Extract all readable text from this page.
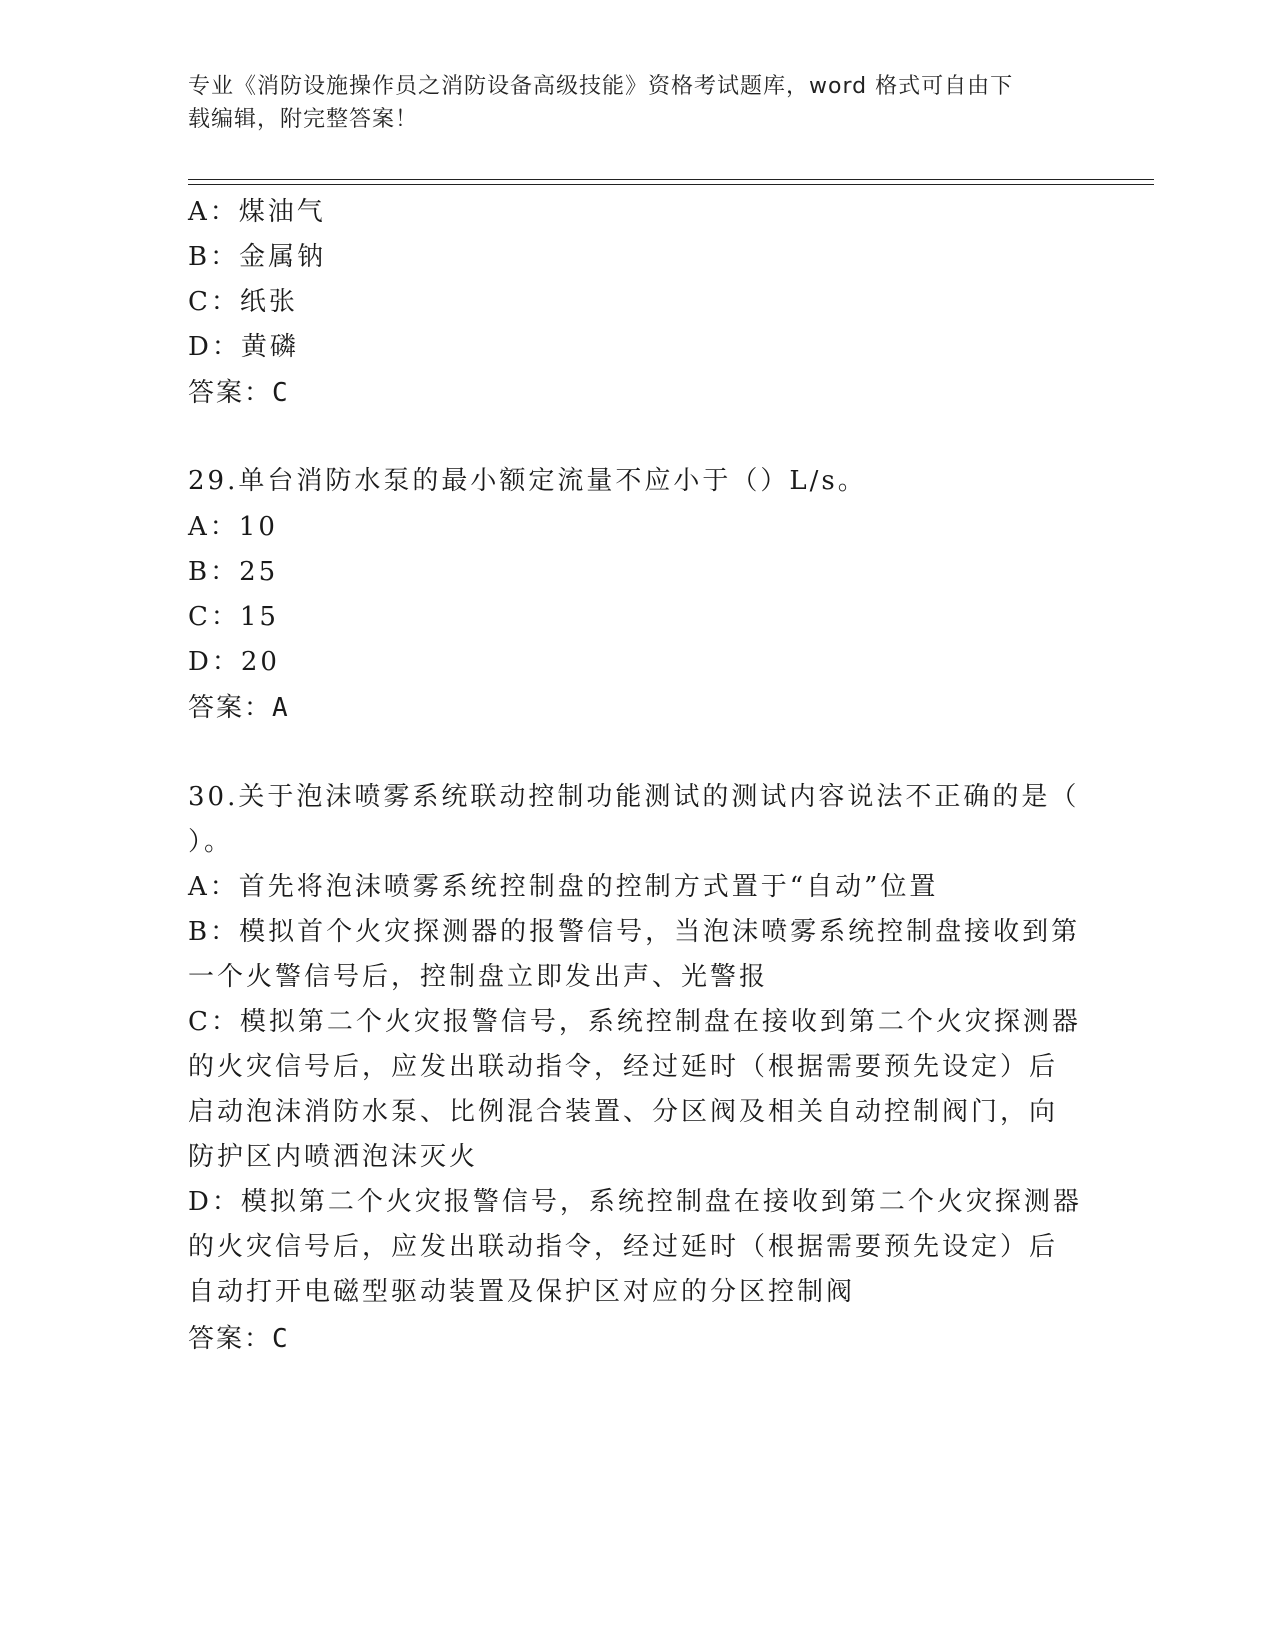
专业《消防设施操作员之消防设备高级技能》资格考试题库，word 格式可自由下
载编辑，附完整答案！
A：煤油气
B：金属钠
C：纸张
D：黄磷
答案：C
29.单台消防水泵的最小额定流量不应小于（）L/s。
A：10
B：25
C：15
D：20
答案：A
30.关于泡沫喷雾系统联动控制功能测试的测试内容说法不正确的是（
）。
A：首先将泡沫喷雾系统控制盘的控制方式置于“自动”位置
B：模拟首个火灾探测器的报警信号，当泡沫喷雾系统控制盘接收到第
一个火警信号后，控制盘立即发出声、光警报
C：模拟第二个火灾报警信号，系统控制盘在接收到第二个火灾探测器
的火灾信号后，应发出联动指令，经过延时（根据需要预先设定）后
启动泡沫消防水泵、比例混合装置、分区阀及相关自动控制阀门，向
防护区内喷洒泡沫灭火
D：模拟第二个火灾报警信号，系统控制盘在接收到第二个火灾探测器
的火灾信号后，应发出联动指令，经过延时（根据需要预先设定）后
自动打开电磁型驱动装置及保护区对应的分区控制阀
答案：C
